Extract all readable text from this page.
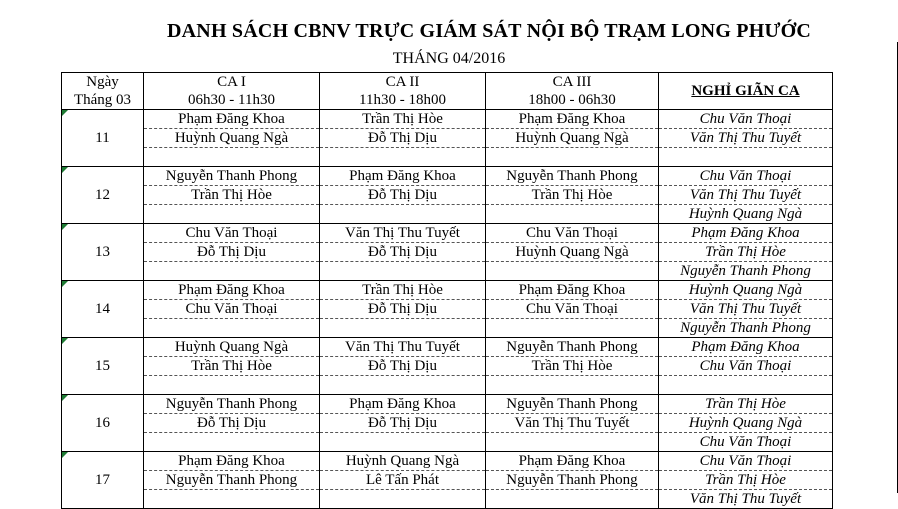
DANH SÁCH CBNV TRỰC GIÁM SÁT NỘI BỘ TRẠM LONG PHƯỚC
THÁNG 04/2016
Ngày	CA I	CA II	CA III	NGHỈ GIÃN CA
Tháng 03	06h30 - 11h30	11h30 - 18h00	18h00 - 06h30	
11	Phạm Đăng Khoa	Trần Thị Hòe	Phạm Đăng Khoa	Chu Văn Thoại
	Huỳnh Quang Ngà	Đỗ Thị Dịu	Huỳnh Quang Ngà	Văn Thị Thu Tuyết

12	Nguyễn Thanh Phong	Phạm Đăng Khoa	Nguyễn Thanh Phong	Chu Văn Thoại
	Trần Thị Hòe	Đỗ Thị Dịu	Trần Thị Hòe	Văn Thị Thu Tuyết
				Huỳnh Quang Ngà
13	Chu Văn Thoại	Văn Thị Thu Tuyết	Chu Văn Thoại	Phạm Đăng Khoa
	Đỗ Thị Dịu	Đỗ Thị Dịu	Huỳnh Quang Ngà	Trần Thị Hòe
				Nguyễn Thanh Phong
14	Phạm Đăng Khoa	Trần Thị Hòe	Phạm Đăng Khoa	Huỳnh Quang Ngà
	Chu Văn Thoại	Đỗ Thị Dịu	Chu Văn Thoại	Văn Thị Thu Tuyết
				Nguyễn Thanh Phong
15	Huỳnh Quang Ngà	Văn Thị Thu Tuyết	Nguyễn Thanh Phong	Phạm Đăng Khoa
	Trần Thị Hòe	Đỗ Thị Dịu	Trần Thị Hòe	Chu Văn Thoại

16	Nguyễn Thanh Phong	Phạm Đăng Khoa	Nguyễn Thanh Phong	Trần Thị Hòe
	Đỗ Thị Dịu	Đỗ Thị Dịu	Văn Thị Thu Tuyết	Huỳnh Quang Ngà
				Chu Văn Thoại
17	Phạm Đăng Khoa	Huỳnh Quang Ngà	Phạm Đăng Khoa	Chu Văn Thoại
	Nguyễn Thanh Phong	Lê Tấn Phát	Nguyễn Thanh Phong	Trần Thị Hòe
				Văn Thị Thu Tuyết
